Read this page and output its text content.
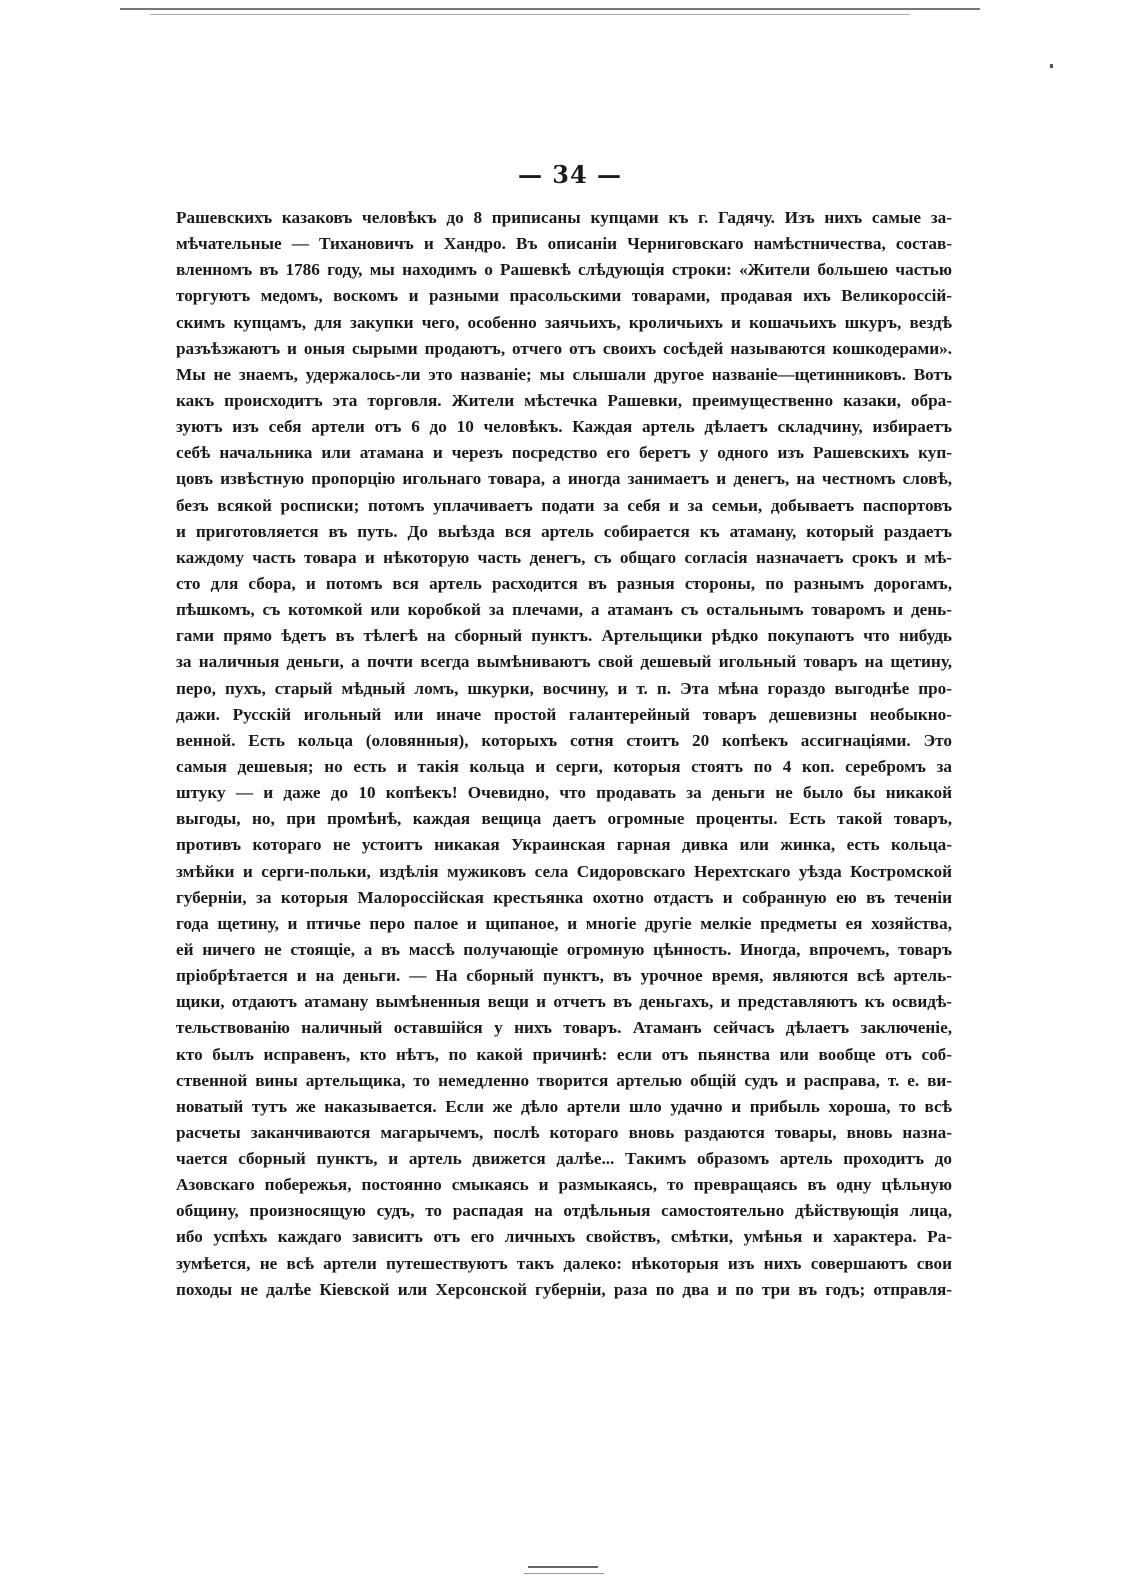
— 34 —
Рашевскихъ казаковъ человѣкъ до 8 приписаны купцами къ г. Гадячу. Изъ нихъ самые за-
мѣчательные — Тихановичъ и Хандро. Въ описаніи Черниговскаго намѣстничества, состав-
вленномъ въ 1786 году, мы находимъ о Рашевкѣ слѣдующія строки: «Жители большею частью
торгуютъ медомъ, воскомъ и разными прасольскими товарами, продавая ихъ Великороссій-
скимъ купцамъ, для закупки чего, особенно заячьихъ, кроличьихъ и кошачьихъ шкуръ, вездѣ
разъѣзжаютъ и оныя сырыми продаютъ, отчего отъ своихъ сосѣдей называются кошкодерами».
Мы не знаемъ, удержалось-ли это названіе; мы слышали другое названіе—щетинниковъ. Вотъ
какъ происходитъ эта торговля. Жители мѣстечка Рашевки, преимущественно казаки, обра-
зуютъ изъ себя артели отъ 6 до 10 человѣкъ. Каждая артель дѣлаетъ складчину, избираетъ
себѣ начальника или атамана и черезъ посредство его беретъ у одного изъ Рашевскихъ куп-
цовъ извѣстную пропорцію игольнаго товара, а иногда занимаетъ и денегъ, на честномъ словѣ,
безъ всякой росписки; потомъ уплачиваетъ подати за себя и за семьи, добываетъ паспортовъ
и приготовляется въ путь. До выѣзда вся артель собирается къ атаману, который раздаетъ
каждому часть товара и нѣкоторую часть денегъ, съ общаго согласія назначаетъ срокъ и мѣ-
сто для сбора, и потомъ вся артель расходится въ разныя стороны, по разнымъ дорогамъ,
пѣшкомъ, съ котомкой или коробкой за плечами, а атаманъ съ остальнымъ товаромъ и день-
гами прямо ѣдетъ въ тѣлегѣ на сборный пунктъ. Артельщики рѣдко покупаютъ что нибудь
за наличныя деньги, а почти всегда вымѣниваютъ свой дешевый игольный товаръ на щетину,
перо, пухъ, старый мѣдный ломъ, шкурки, восчину, и т. п. Эта мѣна гораздо выгоднѣе про-
дажи. Русскій игольный или иначе простой галантерейный товаръ дешевизны необыкно-
венной. Есть кольца (оловянныя), которыхъ сотня стоитъ 20 копѣекъ ассигнаціями. Это
самыя дешевыя; но есть и такія кольца и серги, которыя стоятъ по 4 коп. серебромъ за
штуку — и даже до 10 копѣекъ! Очевидно, что продавать за деньги не было бы никакой
выгоды, но, при промѣнѣ, каждая вещица даетъ огромные проценты. Есть такой товаръ,
противъ котораго не устоитъ никакая Украинская гарная дивка или жинка, есть кольца-
змѣйки и серги-польки, издѣлія мужиковъ села Сидоровскаго Нерехтскаго уѣзда Костромской
губерніи, за которыя Малороссійская крестьянка охотно отдастъ и собранную ею въ теченіи
года щетину, и птичье перо палое и щипаное, и многіе другіе мелкіе предметы ея хозяйства,
ей ничего не стоящіе, а въ массѣ получающіе огромную цѣнность. Иногда, впрочемъ, товаръ
пріобрѣтается и на деньги. — На сборный пунктъ, въ урочное время, являются всѣ артель-
щики, отдаютъ атаману вымѣненныя вещи и отчетъ въ деньгахъ, и представляютъ къ освидѣ-
тельствованію наличный оставшійся у нихъ товаръ. Атаманъ сейчасъ дѣлаетъ заключеніе,
кто былъ исправенъ, кто нѣтъ, по какой причинѣ: если отъ пьянства или вообще отъ соб-
ственной вины артельщика, то немедленно творится артелью общій судъ и расправа, т. е. ви-
новатый тутъ же наказывается. Если же дѣло артели шло удачно и прибыль хороша, то всѣ
расчеты заканчиваются магарычемъ, послѣ котораго вновь раздаются товары, вновь назна-
чается сборный пунктъ, и артель движется далѣе... Такимъ образомъ артель проходитъ до
Азовскаго побережья, постоянно смыкаясь и размыкаясь, то превращаясь въ одну цѣльную
общину, произносящую судъ, то распадая на отдѣльныя самостоятельно дѣйствующія лица,
ибо успѣхъ каждаго зависитъ отъ его личныхъ свойствъ, смѣтки, умѣнья и характера. Ра-
зумѣется, не всѣ артели путешествуютъ такъ далеко: нѣкоторыя изъ нихъ совершаютъ свои
походы не далѣе Кіевской или Херсонской губерніи, раза по два и по три въ годъ; отправля-
